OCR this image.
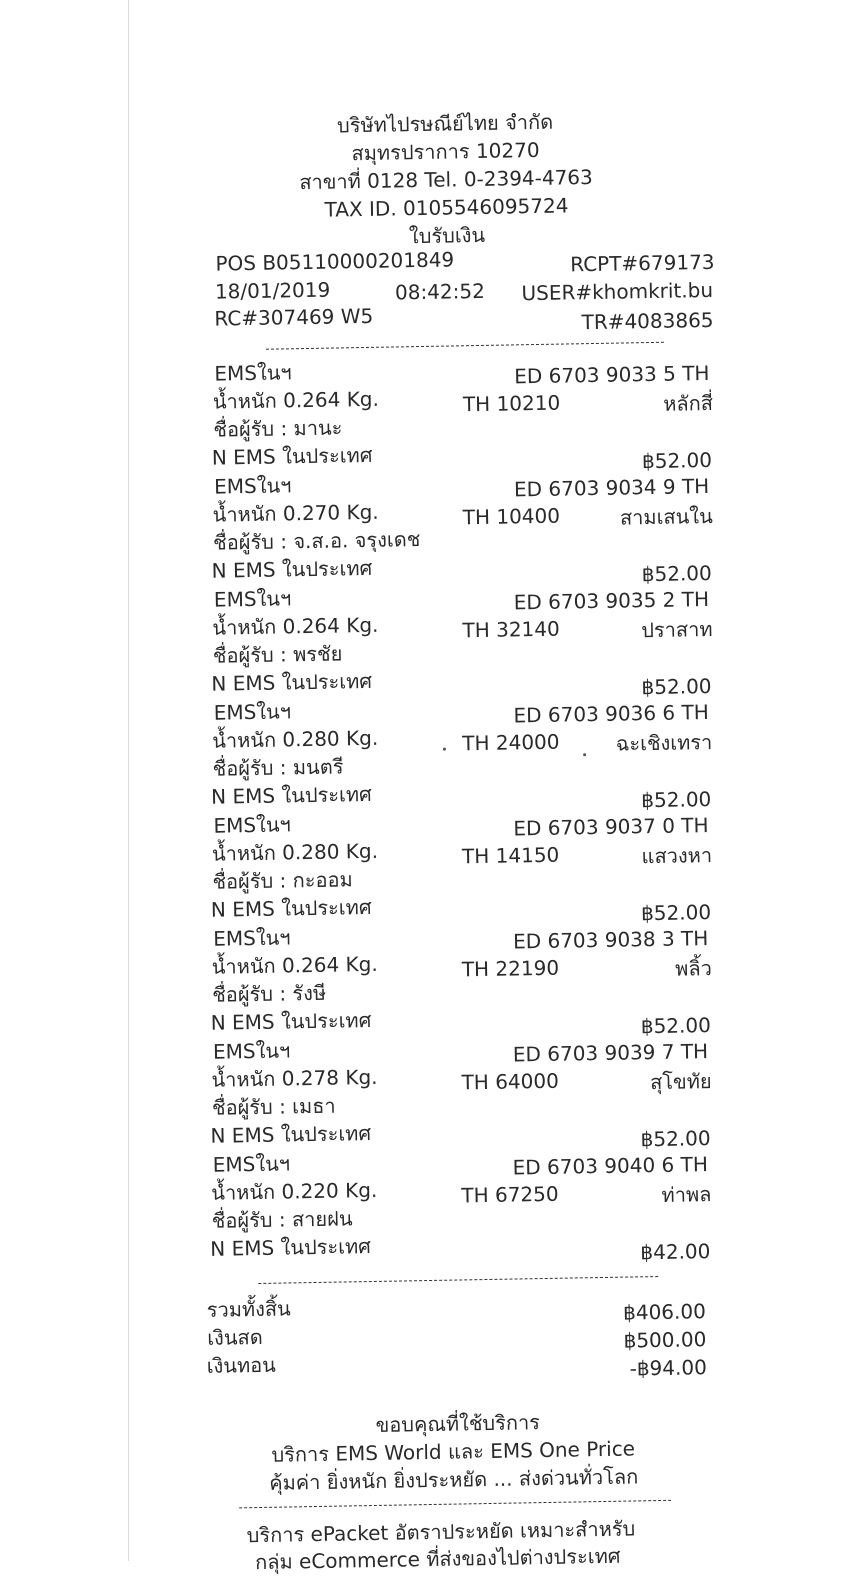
บริษัทไปรษณีย์ไทย จำกัด
สมุทรปราการ 10270
สาขาที่ 0128 Tel. 0-2394-4763
TAX ID. 0105546095724
ใบรับเงิน
POS B05110000201849	RCPT#679173
18/01/2019	08:42:52	USER#khomkrit.bu
RC#307469 W5	TR#4083865
EMSในฯ	ED 6703 9033 5 TH
น้ำหนัก 0.264 Kg.	TH 10210	หลักสี่
ชื่อผู้รับ : มานะ
N EMS ในประเทศ	฿52.00
EMSในฯ	ED 6703 9034 9 TH
น้ำหนัก 0.270 Kg.	TH 10400	สามเสนใน
ชื่อผู้รับ : จ.ส.อ. จรุงเดช
N EMS ในประเทศ	฿52.00
EMSในฯ	ED 6703 9035 2 TH
น้ำหนัก 0.264 Kg.	TH 32140	ปราสาท
ชื่อผู้รับ : พรชัย
N EMS ในประเทศ	฿52.00
EMSในฯ	ED 6703 9036 6 TH
น้ำหนัก 0.280 Kg.	TH 24000	ฉะเชิงเทรา
ชื่อผู้รับ : มนตรี
N EMS ในประเทศ	฿52.00
EMSในฯ	ED 6703 9037 0 TH
น้ำหนัก 0.280 Kg.	TH 14150	แสวงหา
ชื่อผู้รับ : กะออม
N EMS ในประเทศ	฿52.00
EMSในฯ	ED 6703 9038 3 TH
น้ำหนัก 0.264 Kg.	TH 22190	พลิ้ว
ชื่อผู้รับ : รังษี
N EMS ในประเทศ	฿52.00
EMSในฯ	ED 6703 9039 7 TH
น้ำหนัก 0.278 Kg.	TH 64000	สุโขทัย
ชื่อผู้รับ : เมธา
N EMS ในประเทศ	฿52.00
EMSในฯ	ED 6703 9040 6 TH
น้ำหนัก 0.220 Kg.	TH 67250	ท่าพล
ชื่อผู้รับ : สายฝน
N EMS ในประเทศ	฿42.00
รวมทั้งสิ้น	฿406.00
เงินสด	฿500.00
เงินทอน	-฿94.00
ขอบคุณที่ใช้บริการ
บริการ EMS World และ EMS One Price
คุ้มค่า ยิ่งหนัก ยิ่งประหยัด ... ส่งด่วนทั่วโลก
บริการ ePacket อัตราประหยัด เหมาะสำหรับ
กลุ่ม eCommerce ที่ส่งของไปต่างประเทศ
